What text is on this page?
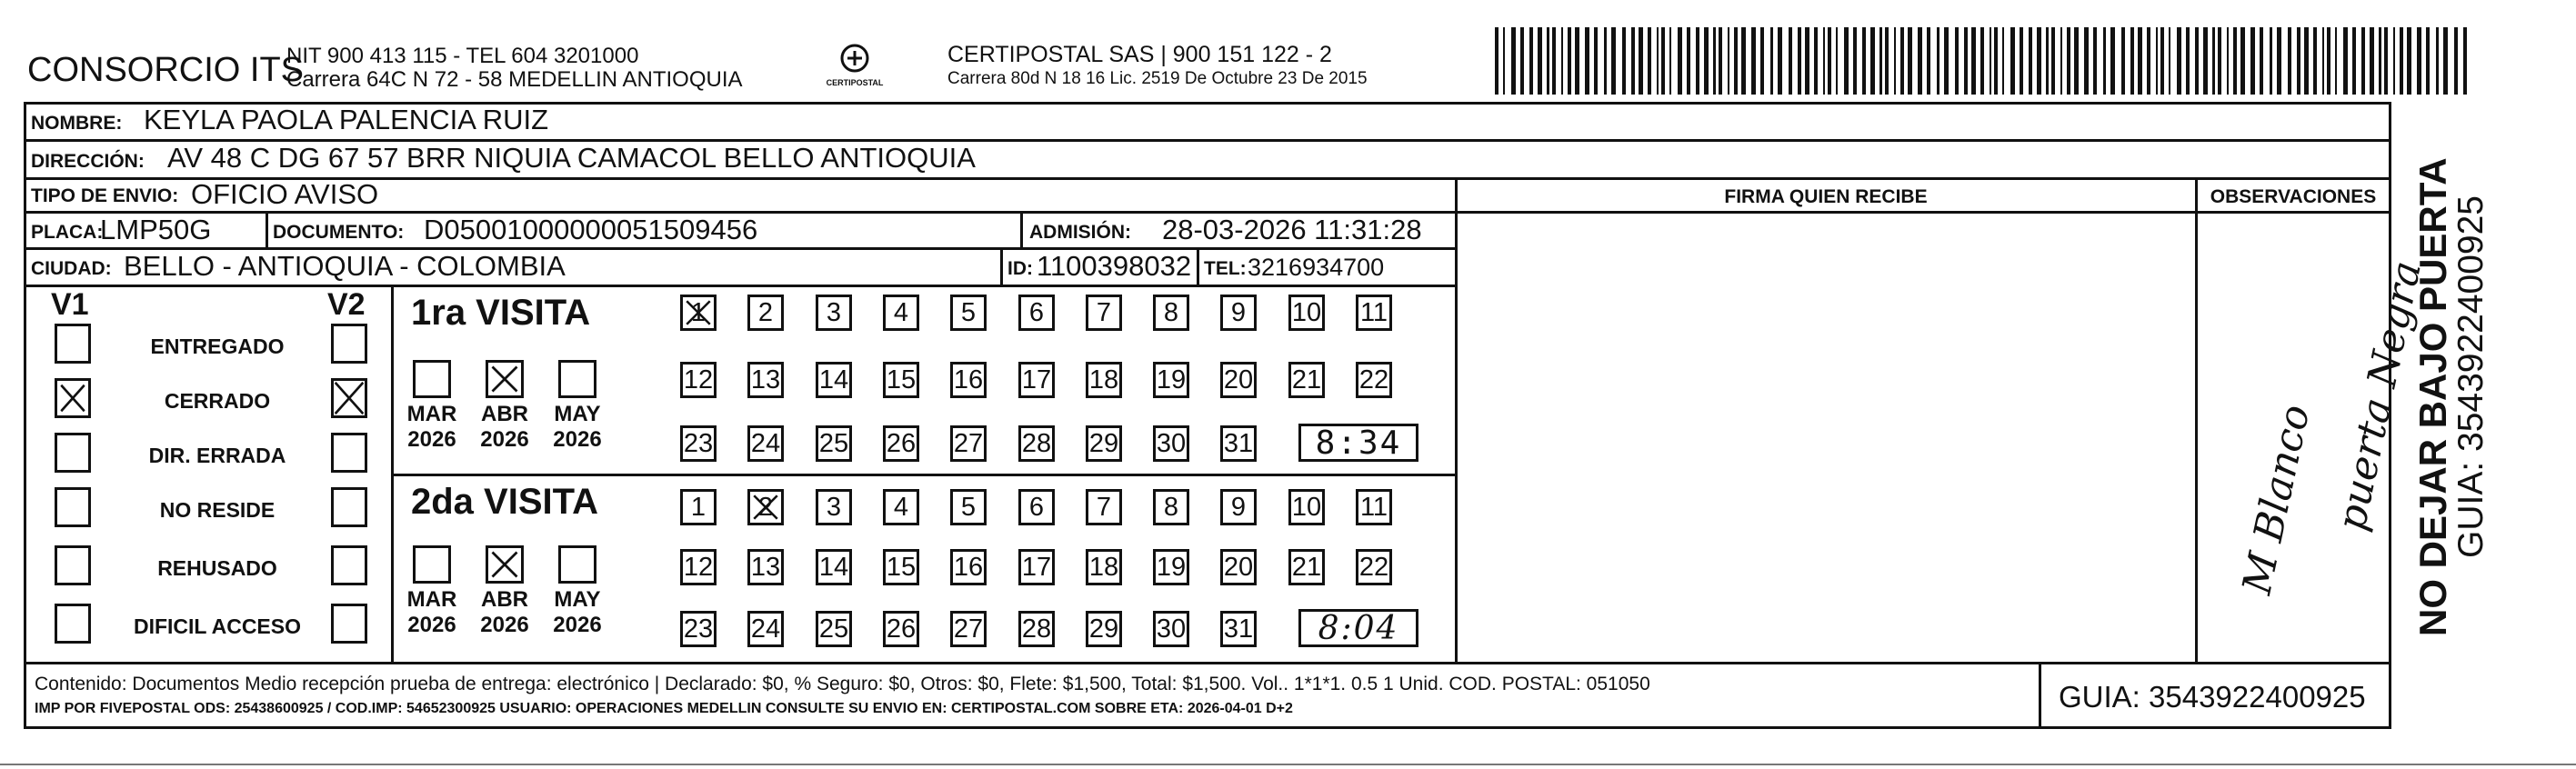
CONSORCIO ITS
NIT 900 413 115 - TEL 604 3201000
Carrera 64C N 72 - 58 MEDELLIN ANTIOQUIA	CERTIPOSTAL
CERTIPOSTAL SAS | 900 151 122 - 2
Carrera 80d N 18 16 Lic. 2519 De Octubre 23 De 2015
NOMBRE: KEYLA PAOLA PALENCIA RUIZ
DIRECCIÓN: AV 48 C DG 67 57 BRR NIQUIA CAMACOL BELLO ANTIOQUIA
TIPO DE ENVIO: OFICIO AVISO	FIRMA QUIEN RECIBE	OBSERVACIONES
PLACA:
LMP50G	DOCUMENTO: D05001000000051509456	ADMISIÓN: 28-03-2026 11:31:28
CIUDAD: BELLO - ANTIOQUIA - COLOMBIA	ID: 1100398032 TEL: 3216934700
V1	V2
ENTREGADO
CERRADO
DIR. ERRADA
NO RESIDE
REHUSADO
DIFICIL ACCESO
1ra VISITA
2da VISITA
MAR
2026
ABR
2026
MAY
2026
MAR
2026
ABR
2026
MAY
2026
1 2 3 4 5 6 7 8 9 10 11
12 13 14 15 16 17 18 19 20 21 22
23 24 25 26 27 28 29 30 31
1 2 3 4 5 6 7 8 9 10 11
12 13 14 15 16 17 18 19 20 21 22
23 24 25 26 27 28 29 30 31
8:34
8:04
M Blanco puerta Negra
Contenido: Documentos Medio recepción prueba de entrega: electrónico | Declarado: $0, % Seguro: $0, Otros: $0, Flete: $1,500, Total: $1,500. Vol.. 1*1*1. 0.5 1 Unid. COD. POSTAL: 051050
IMP POR FIVEPOSTAL ODS: 25438600925 / COD.IMP: 54652300925 USUARIO: OPERACIONES MEDELLIN CONSULTE SU ENVIO EN: CERTIPOSTAL.COM SOBRE ETA: 2026-04-01 D+2	GUIA: 3543922400925
NO DEJAR BAJO PUERTA
GUIA: 3543922400925
